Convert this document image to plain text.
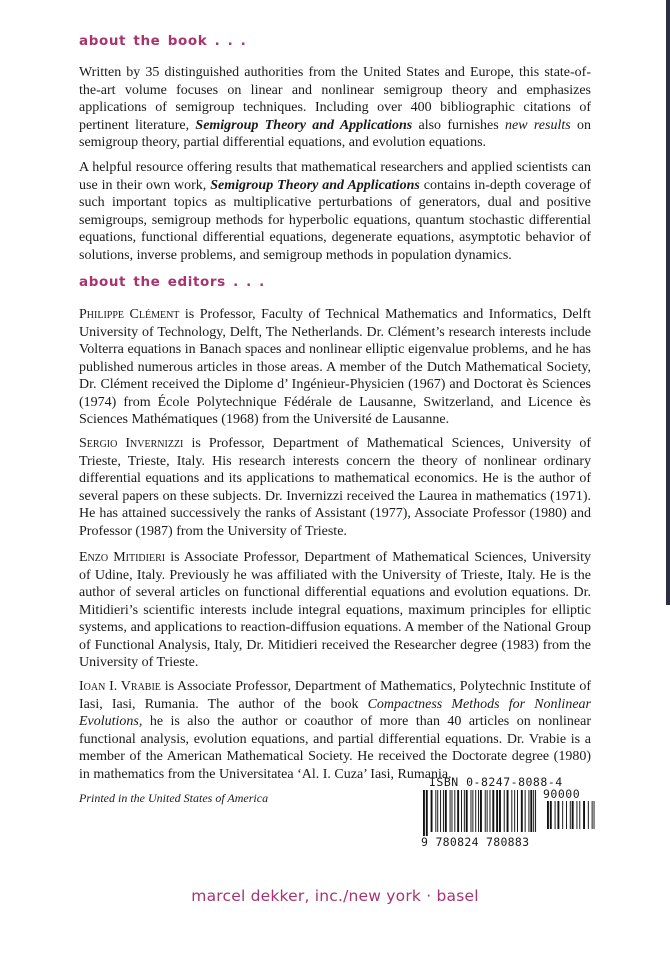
about the book . . .

Written by 35 distinguished authorities from the United States and Europe, this state-of-the-art volume focuses on linear and nonlinear semigroup theory and emphasizes applications of semigroup techniques. Including over 400 bibliographic citations of pertinent literature, Semigroup Theory and Applications also furnishes new results on semigroup theory, partial differential equations, and evolution equations.

A helpful resource offering results that mathematical researchers and applied scientists can use in their own work, Semigroup Theory and Applications contains in-depth coverage of such important topics as multiplicative perturbations of generators, dual and positive semigroups, semigroup methods for hyperbolic equations, quantum stochastic differential equations, functional differential equations, degenerate equations, asymptotic behavior of solutions, inverse problems, and semigroup methods in population dynamics.

about the editors . . .

Philippe Clément is Professor, Faculty of Technical Mathematics and Informatics, Delft University of Technology, Delft, The Netherlands. Dr. Clément’s research interests include Volterra equations in Banach spaces and nonlinear elliptic eigenvalue problems, and he has published numerous articles in those areas. A member of the Dutch Mathematical Society, Dr. Clément received the Diplome d’ Ingénieur-Physicien (1967) and Doctorat ès Sciences (1974) from École Polytechnique Fédérale de Lausanne, Switzerland, and Licence ès Sciences Mathématiques (1968) from the Université de Lausanne.

Sergio Invernizzi is Professor, Department of Mathematical Sciences, University of Trieste, Trieste, Italy. His research interests concern the theory of nonlinear ordinary differential equations and its applications to mathematical economics. He is the author of several papers on these subjects. Dr. Invernizzi received the Laurea in mathematics (1971). He has attained successively the ranks of Assistant (1977), Associate Professor (1980) and Professor (1987) from the University of Trieste.

Enzo Mitidieri is Associate Professor, Department of Mathematical Sciences, University of Udine, Italy. Previously he was affiliated with the University of Trieste, Italy. He is the author of several articles on functional differential equations and evolution equations. Dr. Mitidieri’s scientific interests include integral equations, maximum principles for elliptic systems, and applications to reaction-diffusion equations. A member of the National Group of Functional Analysis, Italy, Dr. Mitidieri received the Researcher degree (1983) from the University of Trieste.

Ioan I. Vrabie is Associate Professor, Department of Mathematics, Polytechnic Institute of Iasi, Iasi, Rumania. The author of the book Compactness Methods for Nonlinear Evolutions, he is also the author or coauthor of more than 40 articles on nonlinear functional analysis, evolution equations, and partial differential equations. Dr. Vrabie is a member of the American Mathematical Society. He received the Doctorate degree (1980) in mathematics from the Universitatea ‘Al. I. Cuza’ Iasi, Rumania.

Printed in the United States of America

ISBN 0-8247-8088-4

90000

9 780824 780883

marcel dekker, inc./new york · basel
